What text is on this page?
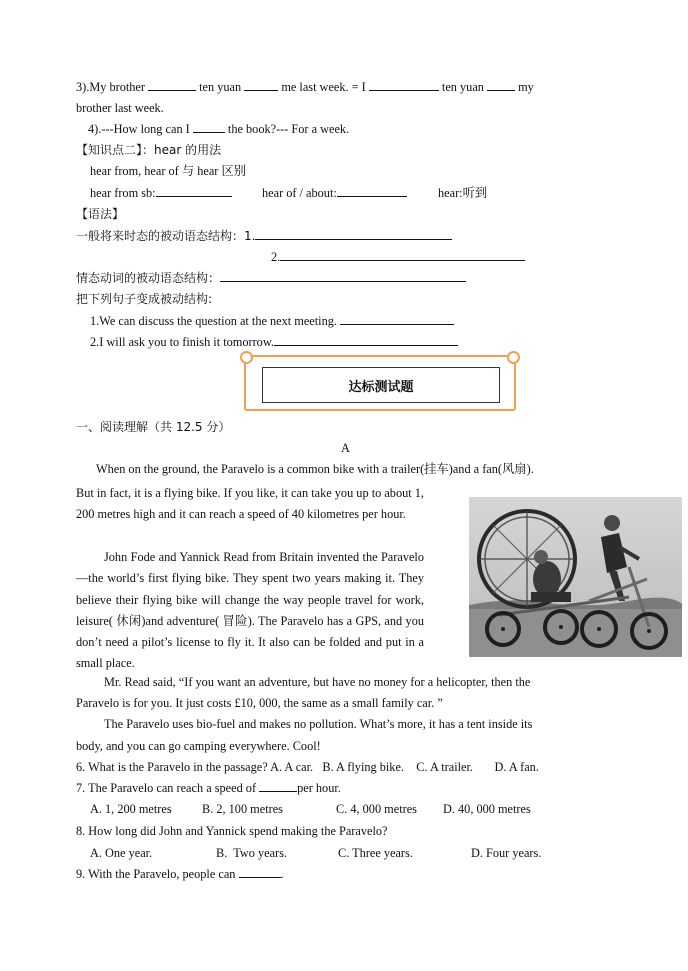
3).My brother	ten yuan	me last week. = I	ten yuan	my
brother last week.
4).---How long can I	the book?--- For a week.
【知识点二】：hear 的用法
hear from, hear of 与 hear 区别
hear from sb:	hear of / about:	hear:听到
【语法】
一般将来时态的被动语态结构：1.
2.
情态动词的被动语态结构：
把下列句子变成被动结构:
1.We can discuss the question at the next meeting.
2.I will ask you to finish it tomorrow.
达标测试题
一、阅读理解（共 12.5 分）
A
When on the ground, the Paravelo is a common bike with a trailer(挂车)and a fan(风扇).
But in fact, it is a flying bike. If you like, it can take you up to about 1, 200 metres high and it can reach a speed of 40 kilometres per hour.
John Fode and Yannick Read from Britain invented the Paravelo—the world’s first flying bike. They spent two years making it. They believe their flying bike will change the way people travel for work, leisure( 休闲)and adventure( 冒险). The Paravelo has a GPS, and you don’t need a pilot’s license to fly it. It also can be folded and put in a small place.
Mr. Read said, “If you want an adventure, but have no money for a helicopter, then the
Paravelo is for you. It just costs £10, 000, the same as a small family car. ”
The Paravelo uses bio-fuel and makes no pollution. What’s more, it has a tent inside its
body, and you can go camping everywhere. Cool!
6. What is the Paravelo in the passage? A. A car.   B. A flying bike.    C. A trailer.       D. A fan.
7. The Paravelo can reach a speed of	per hour.
A. 1, 200 metres B. 2, 100 metres	C. 4, 000 metres D. 40, 000 metres
8. How long did John and Yannick spend making the Paravelo?
A. One year.	B.  Two years.	C. Three years.	D. Four years.
9. With the Paravelo, people can	.
